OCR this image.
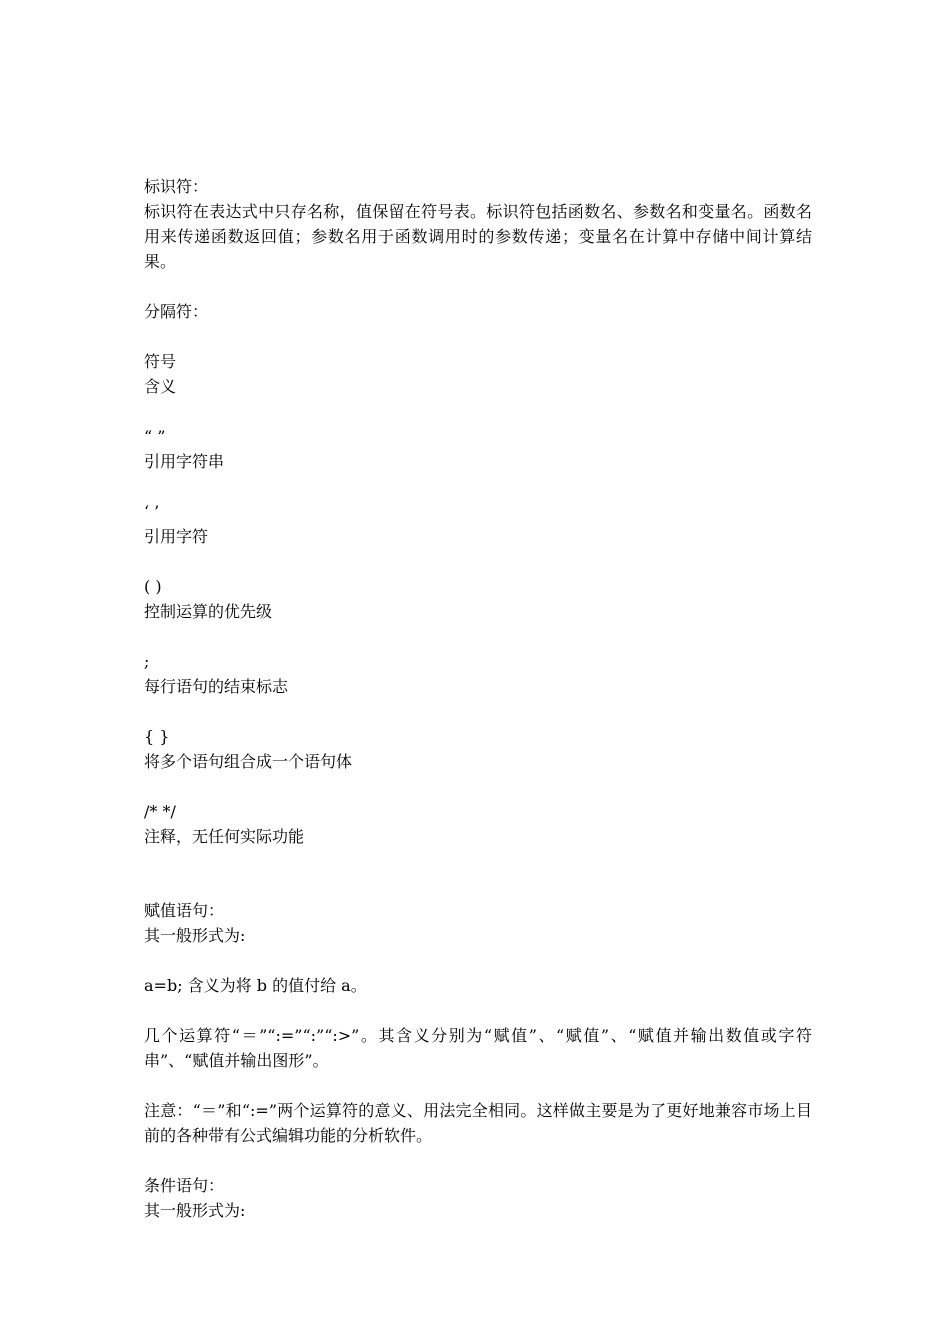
标识符：
标识符在表达式中只存名称，值保留在符号表。标识符包括函数名、参数名和变量名。函数名用来传递函数返回值；参数名用于函数调用时的参数传递；变量名在计算中存储中间计算结果。
分隔符：
符号
含义
“ ”
引用字符串
‘ ’
引用字符
( )
控制运算的优先级
;
每行语句的结束标志
{ }
将多个语句组合成一个语句体
/* */
注释，无任何实际功能
赋值语句：
其一般形式为:
a=b; 含义为将 b 的值付给 a。
几个运算符“＝”“:=”“:”“:>”。其含义分别为“赋值”、“赋值”、“赋值并输出数值或字符串”、“赋值并输出图形”。
注意：“＝”和“:=”两个运算符的意义、用法完全相同。这样做主要是为了更好地兼容市场上目前的各种带有公式编辑功能的分析软件。
条件语句：
其一般形式为:
